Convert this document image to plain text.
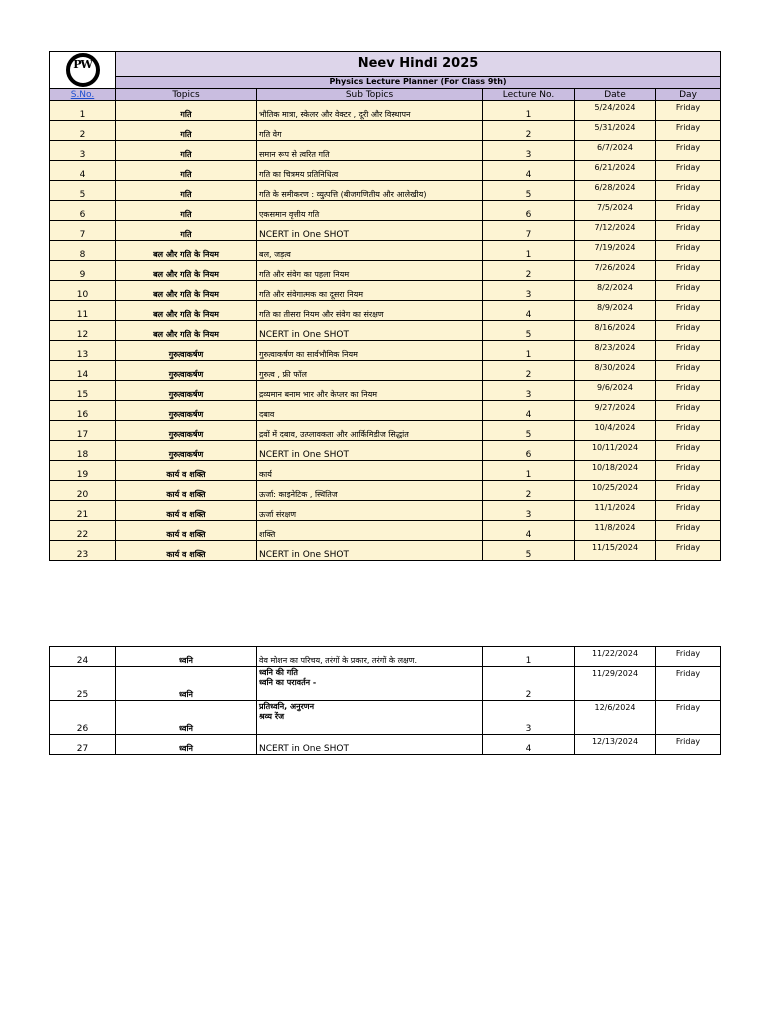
PW	Neev Hindi 2025				
	Physics Lecture Planner (For Class 9th)				
S.No.	Topics	Sub Topics	Lecture No.	Date	Day
1	गति	भौतिक मात्रा, स्केलर और वेक्टर , दूरी और विस्थापन	1	5/24/2024	Friday
2	गति	गति वेग	2	5/31/2024	Friday
3	गति	समान रूप से त्वरित गति	3	6/7/2024	Friday
4	गति	गति का चित्रमय प्रतिनिधित्व	4	6/21/2024	Friday
5	गति	गति के समीकरण : व्युत्पत्ति (बीजगणितीय और आलेखीय)	5	6/28/2024	Friday
6	गति	एकसमान वृत्तीय गति	6	7/5/2024	Friday
7	गति	NCERT in One SHOT	7	7/12/2024	Friday
8	बल और गति के नियम	बल, जड़त्व	1	7/19/2024	Friday
9	बल और गति के नियम	गति और संवेग का पहला नियम	2	7/26/2024	Friday
10	बल और गति के नियम	गति और संवेगात्मक का दूसरा नियम	3	8/2/2024	Friday
11	बल और गति के नियम	गति का तीसरा नियम और संवेग का संरक्षण	4	8/9/2024	Friday
12	बल और गति के नियम	NCERT in One SHOT	5	8/16/2024	Friday
13	गुरुत्वाकर्षण	गुरुत्वाकर्षण का सार्वभौमिक नियम	1	8/23/2024	Friday
14	गुरुत्वाकर्षण	गुरुत्व , फ्री फॉल	2	8/30/2024	Friday
15	गुरुत्वाकर्षण	द्रव्यमान बनाम भार और केप्लर का नियम	3	9/6/2024	Friday
16	गुरुत्वाकर्षण	दबाव	4	9/27/2024	Friday
17	गुरुत्वाकर्षण	द्रवों में दबाव, उत्प्लावकता और आर्किमिडीज सिद्धांत	5	10/4/2024	Friday
18	गुरुत्वाकर्षण	NCERT in One SHOT	6	10/11/2024	Friday
19	कार्य व शक्ति	कार्य	1	10/18/2024	Friday
20	कार्य व शक्ति	ऊर्जा: काइनेटिक , स्थितिज	2	10/25/2024	Friday
21	कार्य व शक्ति	ऊर्जा संरक्षण	3	11/1/2024	Friday
22	कार्य व शक्ति	शक्ति	4	11/8/2024	Friday
23	कार्य व शक्ति	NCERT in One SHOT	5	11/15/2024	Friday
24	ध्वनि	वेव मोशन का परिचय, तरंगों के प्रकार, तरंगों के लक्षण.	1	11/22/2024	Friday
25	ध्वनि	ध्वनि की गति
ध्वनि का परावर्तन -	2	11/29/2024	Friday
26	ध्वनि	प्रतिध्वनि, अनुरणन
श्रव्य रेंज	3	12/6/2024	Friday
27	ध्वनि	NCERT in One SHOT	4	12/13/2024	Friday
